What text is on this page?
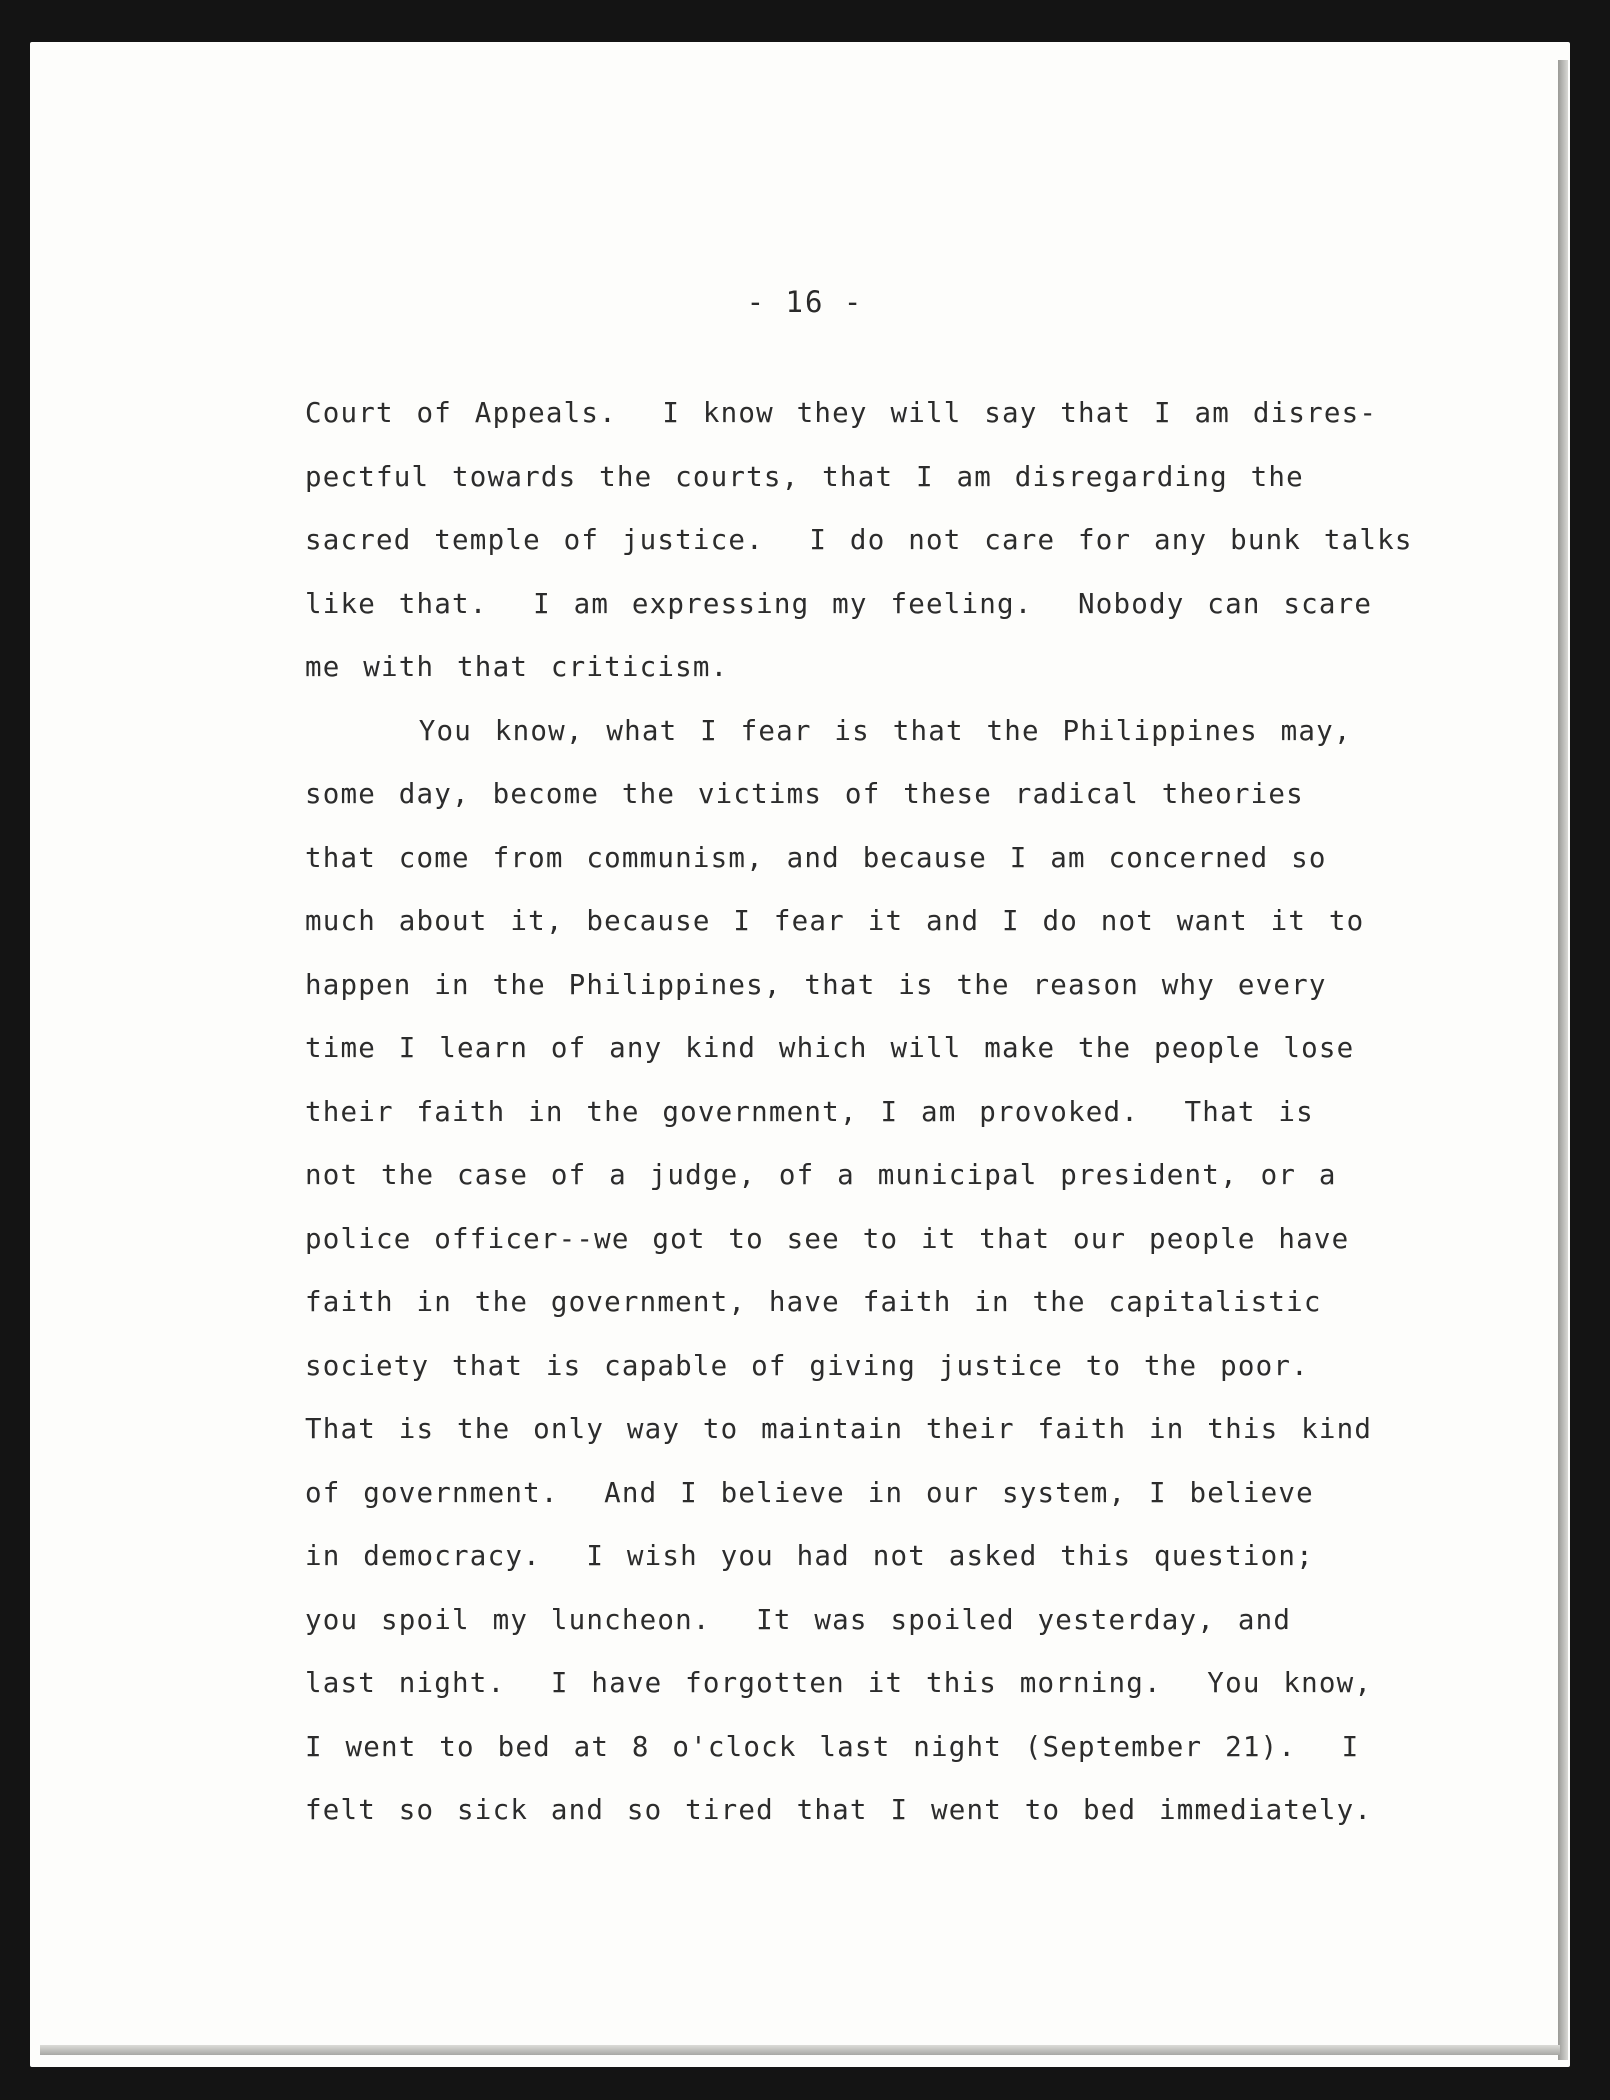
- 16 -
Court of Appeals.  I know they will say that I am disres-
pectful towards the courts, that I am disregarding the
sacred temple of justice.  I do not care for any bunk talks
like that.  I am expressing my feeling.  Nobody can scare
me with that criticism.
You know, what I fear is that the Philippines may,
some day, become the victims of these radical theories
that come from communism, and because I am concerned so
much about it, because I fear it and I do not want it to
happen in the Philippines, that is the reason why every
time I learn of any kind which will make the people lose
their faith in the government, I am provoked.  That is
not the case of a judge, of a municipal president, or a
police officer--we got to see to it that our people have
faith in the government, have faith in the capitalistic
society that is capable of giving justice to the poor.
That is the only way to maintain their faith in this kind
of government.  And I believe in our system, I believe
in democracy.  I wish you had not asked this question;
you spoil my luncheon.  It was spoiled yesterday, and
last night.  I have forgotten it this morning.  You know,
I went to bed at 8 o'clock last night (September 21).  I
felt so sick and so tired that I went to bed immediately.
